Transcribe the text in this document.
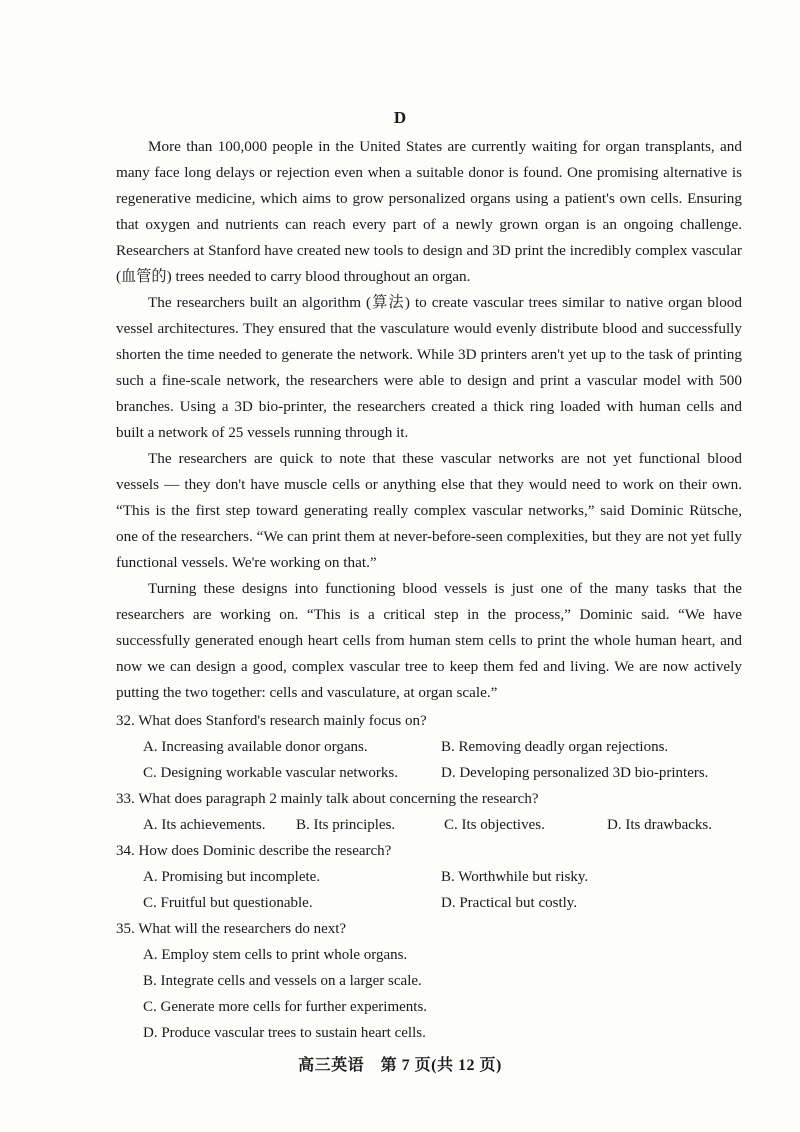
D

More than 100,000 people in the United States are currently waiting for organ transplants, and many face long delays or rejection even when a suitable donor is found. One promising alternative is regenerative medicine, which aims to grow personalized organs using a patient's own cells. Ensuring that oxygen and nutrients can reach every part of a newly grown organ is an ongoing challenge. Researchers at Stanford have created new tools to design and 3D print the incredibly complex vascular (血管的) trees needed to carry blood throughout an organ.

The researchers built an algorithm (算法) to create vascular trees similar to native organ blood vessel architectures. They ensured that the vasculature would evenly distribute blood and successfully shorten the time needed to generate the network. While 3D printers aren't yet up to the task of printing such a fine-scale network, the researchers were able to design and print a vascular model with 500 branches. Using a 3D bio-printer, the researchers created a thick ring loaded with human cells and built a network of 25 vessels running through it.

The researchers are quick to note that these vascular networks are not yet functional blood vessels — they don't have muscle cells or anything else that they would need to work on their own. “This is the first step toward generating really complex vascular networks,” said Dominic Rütsche, one of the researchers. “We can print them at never-before-seen complexities, but they are not yet fully functional vessels. We're working on that.”

Turning these designs into functioning blood vessels is just one of the many tasks that the researchers are working on. “This is a critical step in the process,” Dominic said. “We have successfully generated enough heart cells from human stem cells to print the whole human heart, and now we can design a good, complex vascular tree to keep them fed and living. We are now actively putting the two together: cells and vasculature, at organ scale.”

32. What does Stanford's research mainly focus on?

A. Increasing available donor organs.	B. Removing deadly organ rejections.
C. Designing workable vascular networks.	D. Developing personalized 3D bio-printers.

33. What does paragraph 2 mainly talk about concerning the research?

A. Its achievements.	B. Its principles.	C. Its objectives.	D. Its drawbacks.

34. How does Dominic describe the research?

A. Promising but incomplete.	B. Worthwhile but risky.
C. Fruitful but questionable.	D. Practical but costly.

35. What will the researchers do next?

A. Employ stem cells to print whole organs.
B. Integrate cells and vessels on a larger scale.
C. Generate more cells for further experiments.
D. Produce vascular trees to sustain heart cells.
高三英语　第 7 页(共 12 页)
